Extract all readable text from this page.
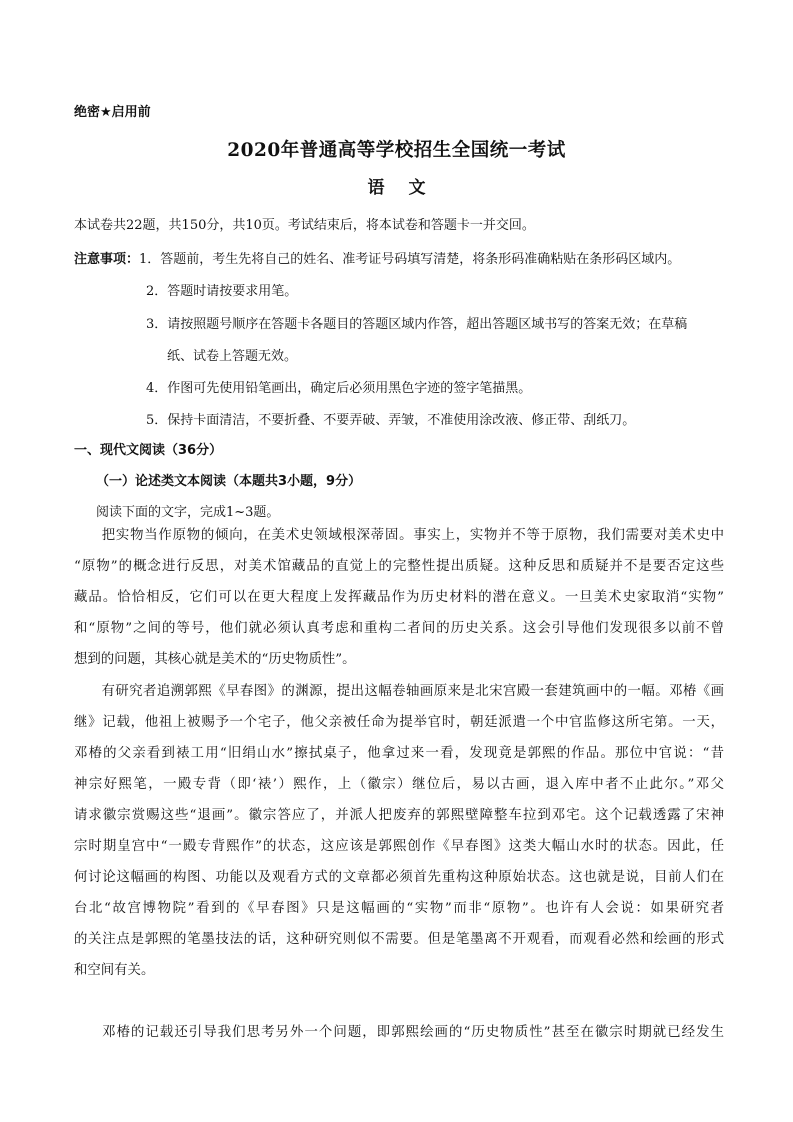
绝密★启用前
2020年普通高等学校招生全国统一考试
语文
本试卷共22题，共150分，共10页。考试结束后，将本试卷和答题卡一并交回。
注意事项：1．答题前，考生先将自己的姓名、准考证号码填写清楚，将条形码准确粘贴在条形码区域内。
2．答题时请按要求用笔。
3．请按照题号顺序在答题卡各题目的答题区域内作答，超出答题区域书写的答案无效；在草稿
纸、试卷上答题无效。
4．作图可先使用铅笔画出，确定后必须用黑色字迹的签字笔描黑。
5．保持卡面清洁，不要折叠、不要弄破、弄皱，不准使用涂改液、修正带、刮纸刀。
一、现代文阅读（36分）
（一）论述类文本阅读（本题共3小题，9分）
阅读下面的文字，完成1~3题。
把实物当作原物的倾向，在美术史领域根深蒂固。事实上，实物并不等于原物，我们需要对美术史中
“原物”的概念进行反思，对美术馆藏品的直觉上的完整性提出质疑。这种反思和质疑并不是要否定这些
藏品。恰恰相反，它们可以在更大程度上发挥藏品作为历史材料的潜在意义。一旦美术史家取消“实物”
和“原物”之间的等号，他们就必须认真考虑和重构二者间的历史关系。这会引导他们发现很多以前不曾
想到的问题，其核心就是美术的“历史物质性”。
有研究者追溯郭熙《早春图》的渊源，提出这幅卷轴画原来是北宋宫殿一套建筑画中的一幅。邓椿《画
继》记载，他祖上被赐予一个宅子，他父亲被任命为提举官时，朝廷派遣一个中官监修这所宅第。一天，
邓椿的父亲看到裱工用“旧绢山水”擦拭桌子，他拿过来一看，发现竟是郭熙的作品。那位中官说：“昔
神宗好熙笔，一殿专背（即‘裱’）熙作，上（徽宗）继位后，易以古画，退入库中者不止此尔。”邓父
请求徽宗赏赐这些“退画”。徽宗答应了，并派人把废弃的郭熙壁障整车拉到邓宅。这个记载透露了宋神
宗时期皇宫中“一殿专背熙作”的状态，这应该是郭熙创作《早春图》这类大幅山水时的状态。因此，任
何讨论这幅画的构图、功能以及观看方式的文章都必须首先重构这种原始状态。这也就是说，目前人们在
台北“故宫博物院”看到的《早春图》只是这幅画的“实物”而非“原物”。也许有人会说：如果研究者
的关注点是郭熙的笔墨技法的话，这种研究则似不需要。但是笔墨离不开观看，而观看必然和绘画的形式
和空间有关。
邓椿的记载还引导我们思考另外一个问题，即郭熙绘画的“历史物质性”甚至在徽宗时期就已经发生
